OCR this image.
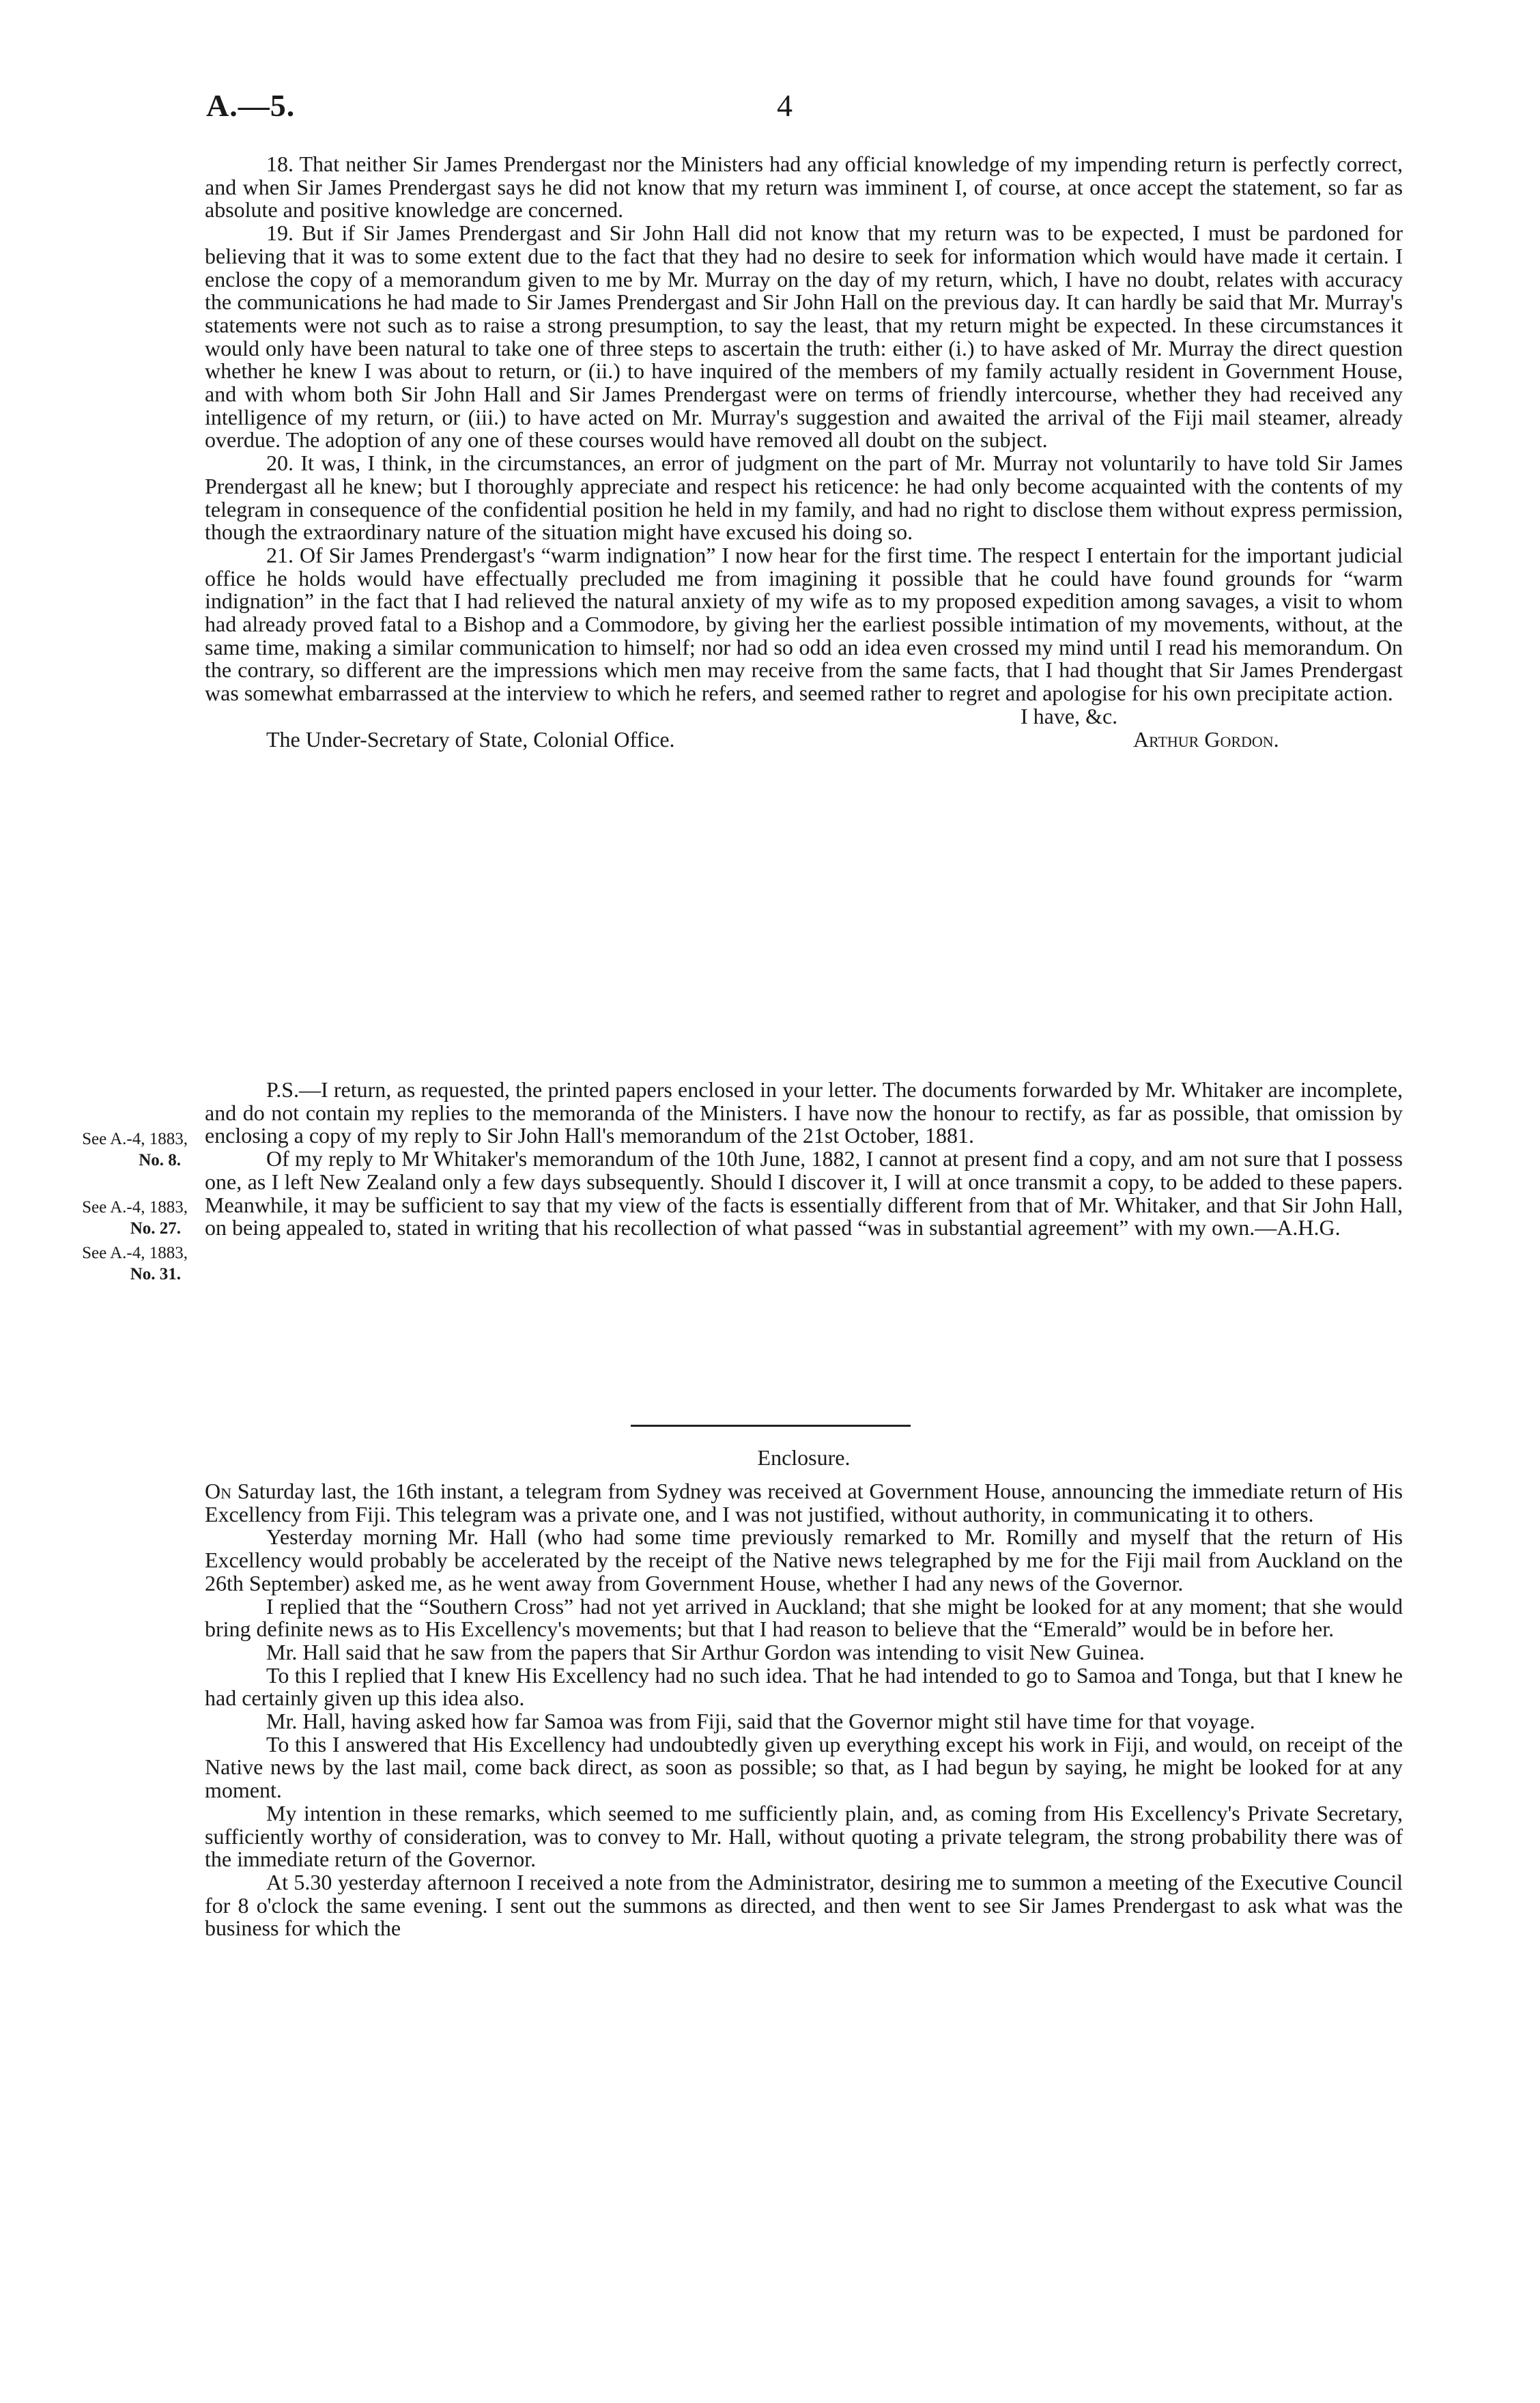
A.—5.	4

18. That neither Sir James Prendergast nor the Ministers had any official knowledge of my impending return is perfectly correct, and when Sir James Prendergast says he did not know that my return was imminent I, of course, at once accept the statement, so far as absolute and positive knowledge are concerned.

19. But if Sir James Prendergast and Sir John Hall did not know that my return was to be expected, I must be pardoned for believing that it was to some extent due to the fact that they had no desire to seek for information which would have made it certain. I enclose the copy of a memorandum given to me by Mr. Murray on the day of my return, which, I have no doubt, relates with accuracy the communications he had made to Sir James Prendergast and Sir John Hall on the previous day. It can hardly be said that Mr. Murray's statements were not such as to raise a strong presumption, to say the least, that my return might be expected. In these circumstances it would only have been natural to take one of three steps to ascertain the truth: either (i.) to have asked of Mr. Murray the direct question whether he knew I was about to return, or (ii.) to have inquired of the members of my family actually resident in Government House, and with whom both Sir John Hall and Sir James Prendergast were on terms of friendly intercourse, whether they had received any intelligence of my return, or (iii.) to have acted on Mr. Murray's suggestion and awaited the arrival of the Fiji mail steamer, already overdue. The adoption of any one of these courses would have removed all doubt on the subject.

20. It was, I think, in the circumstances, an error of judgment on the part of Mr. Murray not voluntarily to have told Sir James Prendergast all he knew; but I thoroughly appreciate and respect his reticence: he had only become acquainted with the contents of my telegram in consequence of the confidential position he held in my family, and had no right to disclose them without express permission, though the extraordinary nature of the situation might have excused his doing so.

21. Of Sir James Prendergast's “warm indignation” I now hear for the first time. The respect I entertain for the important judicial office he holds would have effectually precluded me from imagining it possible that he could have found grounds for “warm indignation” in the fact that I had relieved the natural anxiety of my wife as to my proposed expedition among savages, a visit to whom had already proved fatal to a Bishop and a Commodore, by giving her the earliest possible intimation of my movements, without, at the same time, making a similar communication to himself; nor had so odd an idea even crossed my mind until I read his memorandum. On the contrary, so different are the impressions which men may receive from the same facts, that I had thought that Sir James Prendergast was somewhat embarrassed at the interview to which he refers, and seemed rather to regret and apologise for his own precipitate action.

I have, &c.
The Under-Secretary of State, Colonial Office.	Arthur Gordon.

P.S.—I return, as requested, the printed papers enclosed in your letter. The documents forwarded by Mr. Whitaker are incomplete, and do not contain my replies to the memoranda of the Ministers. I have now the honour to rectify, as far as possible, that omission by enclosing a copy of my reply to Sir John Hall's memorandum of the 21st October, 1881.

Of my reply to Mr Whitaker's memorandum of the 10th June, 1882, I cannot at present find a copy, and am not sure that I possess one, as I left New Zealand only a few days subsequently. Should I discover it, I will at once transmit a copy, to be added to these papers. Meanwhile, it may be sufficient to say that my view of the facts is essentially different from that of Mr. Whitaker, and that Sir John Hall, on being appealed to, stated in writing that his recollection of what passed “was in substantial agreement” with my own.—A.H.G.

See A.-4, 1883,
No. 8.
See A.-4, 1883,
No. 27.
See A.-4, 1883,
No. 31.
Enclosure.

On Saturday last, the 16th instant, a telegram from Sydney was received at Government House, announcing the immediate return of His Excellency from Fiji. This telegram was a private one, and I was not justified, without authority, in communicating it to others.

Yesterday morning Mr. Hall (who had some time previously remarked to Mr. Romilly and myself that the return of His Excellency would probably be accelerated by the receipt of the Native news telegraphed by me for the Fiji mail from Auckland on the 26th September) asked me, as he went away from Government House, whether I had any news of the Governor.

I replied that the “Southern Cross” had not yet arrived in Auckland; that she might be looked for at any moment; that she would bring definite news as to His Excellency's movements; but that I had reason to believe that the “Emerald” would be in before her.

Mr. Hall said that he saw from the papers that Sir Arthur Gordon was intending to visit New Guinea.

To this I replied that I knew His Excellency had no such idea. That he had intended to go to Samoa and Tonga, but that I knew he had certainly given up this idea also.

Mr. Hall, having asked how far Samoa was from Fiji, said that the Governor might stil have time for that voyage.

To this I answered that His Excellency had undoubtedly given up everything except his work in Fiji, and would, on receipt of the Native news by the last mail, come back direct, as soon as possible; so that, as I had begun by saying, he might be looked for at any moment.

My intention in these remarks, which seemed to me sufficiently plain, and, as coming from His Excellency's Private Secretary, sufficiently worthy of consideration, was to convey to Mr. Hall, without quoting a private telegram, the strong probability there was of the immediate return of the Governor.

At 5.30 yesterday afternoon I received a note from the Administrator, desiring me to summon a meeting of the Executive Council for 8 o'clock the same evening. I sent out the summons as directed, and then went to see Sir James Prendergast to ask what was the business for which the
